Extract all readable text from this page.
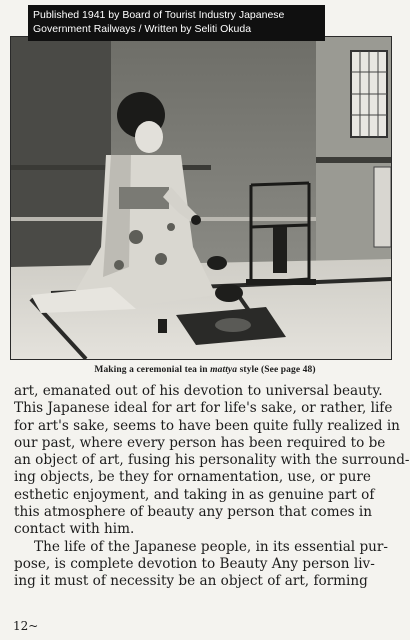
Published 1941 by Board of Tourist Industry Japanese
Government Railways / Written by Seliti Okuda
Making a ceremonial tea in mattya style (See page 48)

art, emanated out of his devotion to universal beauty.
This Japanese ideal for art for life's sake, or rather, life
for art's sake, seems to have been quite fully realized in
our past, where every person has been required to be
an object of art, fusing his personality with the surround-
ing objects, be they for ornamentation, use, or pure
esthetic enjoyment, and taking in as genuine part of
this atmosphere of beauty any person that comes in
contact with him.

The life of the Japanese people, in its essential pur-
pose, is complete devotion to Beauty Any person liv-
ing it must of necessity be an object of art, forming

12~
